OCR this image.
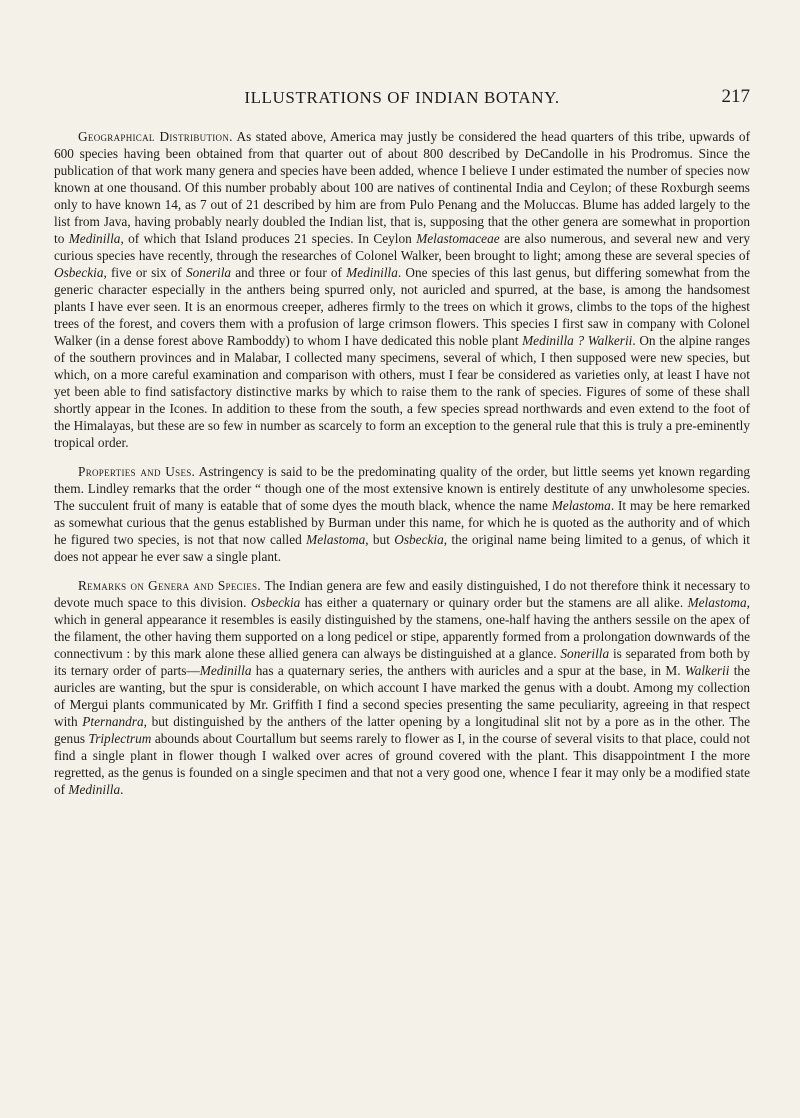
ILLUSTRATIONS OF INDIAN BOTANY.	217

Geographical Distribution. As stated above, America may justly be considered the head quarters of this tribe, upwards of 600 species having been obtained from that quarter out of about 800 described by DeCandolle in his Prodromus. Since the publication of that work many genera and species have been added, whence I believe I under estimated the number of species now known at one thousand. Of this number probably about 100 are natives of continental India and Ceylon; of these Roxburgh seems only to have known 14, as 7 out of 21 described by him are from Pulo Penang and the Moluccas. Blume has added largely to the list from Java, having probably nearly doubled the Indian list, that is, supposing that the other genera are somewhat in proportion to Medinilla, of which that Island produces 21 species. In Ceylon Melastomaceae are also numerous, and several new and very curious species have recently, through the researches of Colonel Walker, been brought to light; among these are several species of Osbeckia, five or six of Sonerila and three or four of Medinilla. One species of this last genus, but differing somewhat from the generic character especially in the anthers being spurred only, not auricled and spurred, at the base, is among the handsomest plants I have ever seen. It is an enormous creeper, adheres firmly to the trees on which it grows, climbs to the tops of the highest trees of the forest, and covers them with a profusion of large crimson flowers. This species I first saw in company with Colonel Walker (in a dense forest above Ramboddy) to whom I have dedicated this noble plant Medinilla ? Walkerii. On the alpine ranges of the southern provinces and in Malabar, I collected many specimens, several of which, I then supposed were new species, but which, on a more careful examination and comparison with others, must I fear be considered as varieties only, at least I have not yet been able to find satisfactory distinctive marks by which to raise them to the rank of species. Figures of some of these shall shortly appear in the Icones. In addition to these from the south, a few species spread northwards and even extend to the foot of the Himalayas, but these are so few in number as scarcely to form an exception to the general rule that this is truly a pre-eminently tropical order.

Properties and Uses. Astringency is said to be the predominating quality of the order, but little seems yet known regarding them. Lindley remarks that the order “ though one of the most extensive known is entirely destitute of any unwholesome species. The succulent fruit of many is eatable that of some dyes the mouth black, whence the name Melastoma. It may be here remarked as somewhat curious that the genus established by Burman under this name, for which he is quoted as the authority and of which he figured two species, is not that now called Melastoma, but Osbeckia, the original name being limited to a genus, of which it does not appear he ever saw a single plant.

Remarks on Genera and Species. The Indian genera are few and easily distinguished, I do not therefore think it necessary to devote much space to this division. Osbeckia has either a quaternary or quinary order but the stamens are all alike. Melastoma, which in general appearance it resembles is easily distinguished by the stamens, one-half having the anthers sessile on the apex of the filament, the other having them supported on a long pedicel or stipe, apparently formed from a prolongation downwards of the connectivum : by this mark alone these allied genera can always be distinguished at a glance. Sonerilla is separated from both by its ternary order of parts—Medinilla has a quaternary series, the anthers with auricles and a spur at the base, in M. Walkerii the auricles are wanting, but the spur is considerable, on which account I have marked the genus with a doubt. Among my collection of Mergui plants communicated by Mr. Griffith I find a second species presenting the same peculiarity, agreeing in that respect with Pternandra, but distinguished by the anthers of the latter opening by a longitudinal slit not by a pore as in the other. The genus Triplectrum abounds about Courtallum but seems rarely to flower as I, in the course of several visits to that place, could not find a single plant in flower though I walked over acres of ground covered with the plant. This disappointment I the more regretted, as the genus is founded on a single specimen and that not a very good one, whence I fear it may only be a modified state of Medinilla.
